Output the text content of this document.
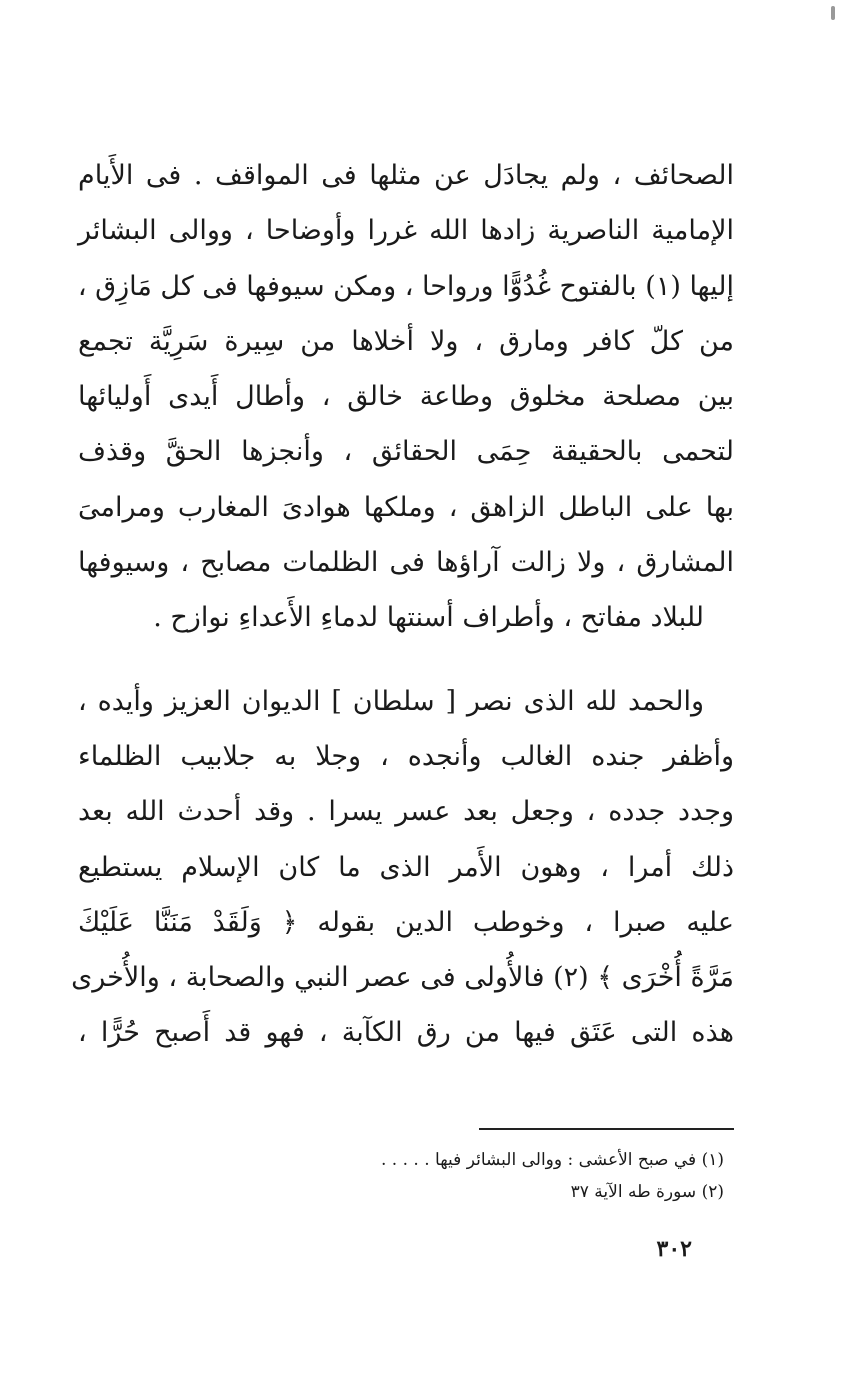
الصحائف ، ولم يجادَل عن مثلها فى المواقف . فى الأَيام
الإمامية الناصرية زادها الله غررا وأوضاحا ، ووالى البشائر
إليها (١) بالفتوح غُدُوًّا ورواحا ، ومكن سيوفها فى كل مَازِق ،
من كلّ كافر ومارق ، ولا أخلاها من سِيرة سَرِيَّة تجمع
بين مصلحة مخلوق وطاعة خالق ، وأطال أَيدى أَوليائها
لتحمى بالحقيقة حِمَى الحقائق ، وأنجزها الحقَّ وقذف
بها على الباطل الزاهق ، وملكها هوادىَ المغارب ومرامىَ
المشارق ، ولا زالت آراؤها فى الظلمات مصابح ، وسيوفها
للبلاد مفاتح ، وأطراف أسنتها لدماءِ الأَعداءِ نوازح .
والحمد لله الذى نصر [ سلطان ] الديوان العزيز وأيده ،
وأظفر جنده الغالب وأنجده ، وجلا به جلابيب الظلماء
وجدد جدده ، وجعل بعد عسر يسرا . وقد أحدث الله بعد
ذلك أمرا ، وهون الأَمر الذى ما كان الإسلام يستطيع
عليه صبرا ، وخوطب الدين بقوله ﴿ وَلَقَدْ مَنَنَّا عَلَيْكَ
مَرَّةً أُخْرَى ﴾ (٢) فالأُولى فى عصر النبي والصحابة ، والأُخرى
هذه التى عَتَق فيها من رق الكآبة ، فهو قد أَصبح حُرًّا ،
(١) في صبح الأعشى : ووالى البشائر فيها . . . . .
(٢) سورة طه الآية ٣٧
٣٠٢
